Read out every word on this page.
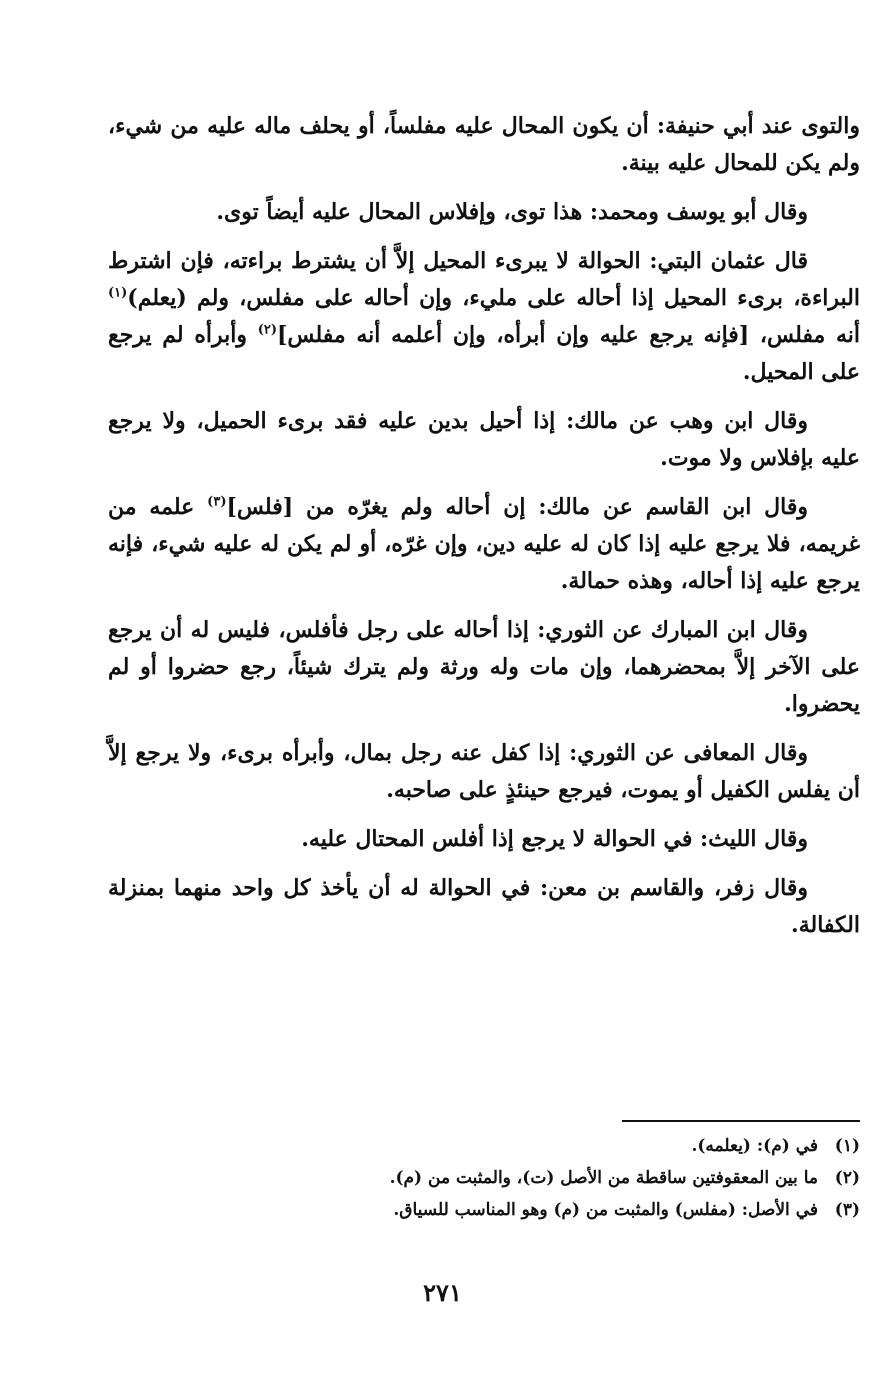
والتوى عند أبي حنيفة: أن يكون المحال عليه مفلساً، أو يحلف ماله عليه من شيء، ولم يكن للمحال عليه بينة.

وقال أبو يوسف ومحمد: هذا توى، وإفلاس المحال عليه أيضاً توى.

قال عثمان البتي: الحوالة لا يبرىء المحيل إلاَّ أن يشترط براءته، فإن اشترط البراءة، برىء المحيل إذا أحاله على مليء، وإن أحاله على مفلس، ولم (يعلم)$^{(١)}$ أنه مفلس، [فإنه يرجع عليه وإن أبرأه، وإن أعلمه أنه مفلس]$^{(٢)}$ وأبرأه لم يرجع على المحيل.

وقال ابن وهب عن مالك: إذا أحيل بدين عليه فقد برىء الحميل، ولا يرجع عليه بإفلاس ولا موت.

وقال ابن القاسم عن مالك: إن أحاله ولم يغرّه من [فلس]$^{(٣)}$ علمه من غريمه، فلا يرجع عليه إذا كان له عليه دين، وإن غرّه، أو لم يكن له عليه شيء، فإنه يرجع عليه إذا أحاله، وهذه حمالة.

وقال ابن المبارك عن الثوري: إذا أحاله على رجل فأفلس، فليس له أن يرجع على الآخر إلاَّ بمحضرهما، وإن مات وله ورثة ولم يترك شيئاً، رجع حضروا أو لم يحضروا.

وقال المعافى عن الثوري: إذا كفل عنه رجل بمال، وأبرأه برىء، ولا يرجع إلاَّ أن يفلس الكفيل أو يموت، فيرجع حينئذٍ على صاحبه.

وقال الليث: في الحوالة لا يرجع إذا أفلس المحتال عليه.

وقال زفر، والقاسم بن معن: في الحوالة له أن يأخذ كل واحد منهما بمنزلة الكفالة.

(١)
في (م): (يعلمه).
(٢)
ما بين المعقوفتين ساقطة من الأصل (ت)، والمثبت من (م).
(٣)
في الأصل: (مفلس) والمثبت من (م) وهو المناسب للسياق.
٢٧١
